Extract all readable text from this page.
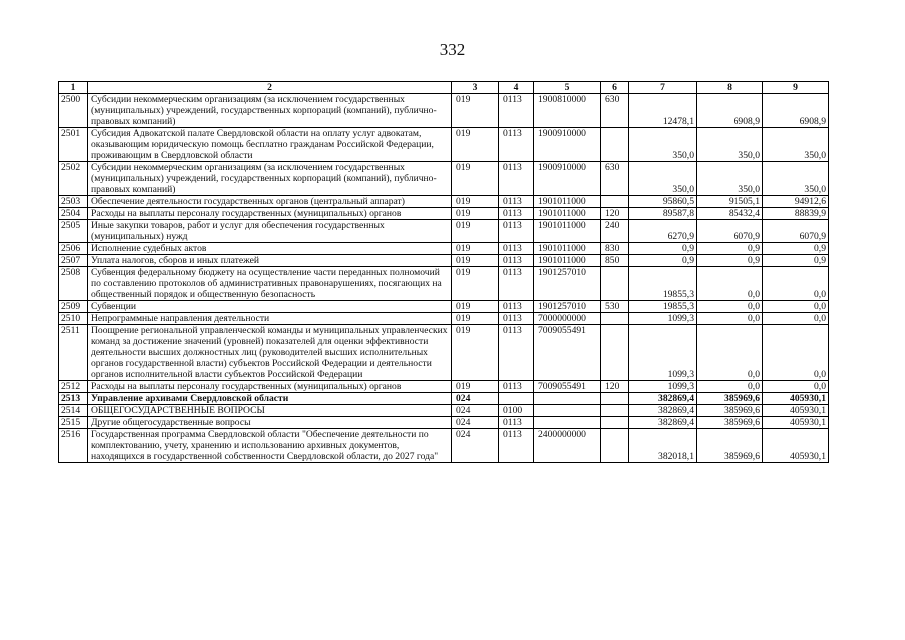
332
1	2	3	4	5	6	7	8	9
2500	Субсидии некоммерческим организациям (за исключением государственных (муниципальных) учреждений, государственных корпораций (компаний), публично-правовых компаний)	019	0113	1900810000	630	12478,1	6908,9	6908,9
2501	Субсидия Адвокатской палате Свердловской области на оплату услуг адвокатам, оказывающим юридическую помощь бесплатно гражданам Российской Федерации, проживающим в Свердловской области	019	0113	1900910000		350,0	350,0	350,0
2502	Субсидии некоммерческим организациям (за исключением государственных (муниципальных) учреждений, государственных корпораций (компаний), публично-правовых компаний)	019	0113	1900910000	630	350,0	350,0	350,0
2503	Обеспечение деятельности государственных органов (центральный аппарат)	019	0113	1901011000		95860,5	91505,1	94912,6
2504	Расходы на выплаты персоналу государственных (муниципальных) органов	019	0113	1901011000	120	89587,8	85432,4	88839,9
2505	Иные закупки товаров, работ и услуг для обеспечения государственных (муниципальных) нужд	019	0113	1901011000	240	6270,9	6070,9	6070,9
2506	Исполнение судебных актов	019	0113	1901011000	830	0,9	0,9	0,9
2507	Уплата налогов, сборов и иных платежей	019	0113	1901011000	850	0,9	0,9	0,9
2508	Субвенция федеральному бюджету на осуществление части переданных полномочий по составлению протоколов об административных правонарушениях, посягающих на общественный порядок и общественную безопасность	019	0113	1901257010		19855,3	0,0	0,0
2509	Субвенции	019	0113	1901257010	530	19855,3	0,0	0,0
2510	Непрограммные направления деятельности	019	0113	7000000000		1099,3	0,0	0,0
2511	Поощрение региональной управленческой команды и муниципальных управленческих команд за достижение значений (уровней) показателей для оценки эффективности деятельности высших должностных лиц (руководителей высших исполнительных органов государственной власти) субъектов Российской Федерации и деятельности органов исполнительной власти субъектов Российской Федерации	019	0113	7009055491		1099,3	0,0	0,0
2512	Расходы на выплаты персоналу государственных (муниципальных) органов	019	0113	7009055491	120	1099,3	0,0	0,0
2513	Управление архивами Свердловской области	024				382869,4	385969,6	405930,1
2514	ОБЩЕГОСУДАРСТВЕННЫЕ ВОПРОСЫ	024	0100			382869,4	385969,6	405930,1
2515	Другие общегосударственные вопросы	024	0113			382869,4	385969,6	405930,1
2516	Государственная программа Свердловской области "Обеспечение деятельности по комплектованию, учету, хранению и использованию архивных документов, находящихся в государственной собственности Свердловской области, до 2027 года"	024	0113	2400000000		382018,1	385969,6	405930,1
